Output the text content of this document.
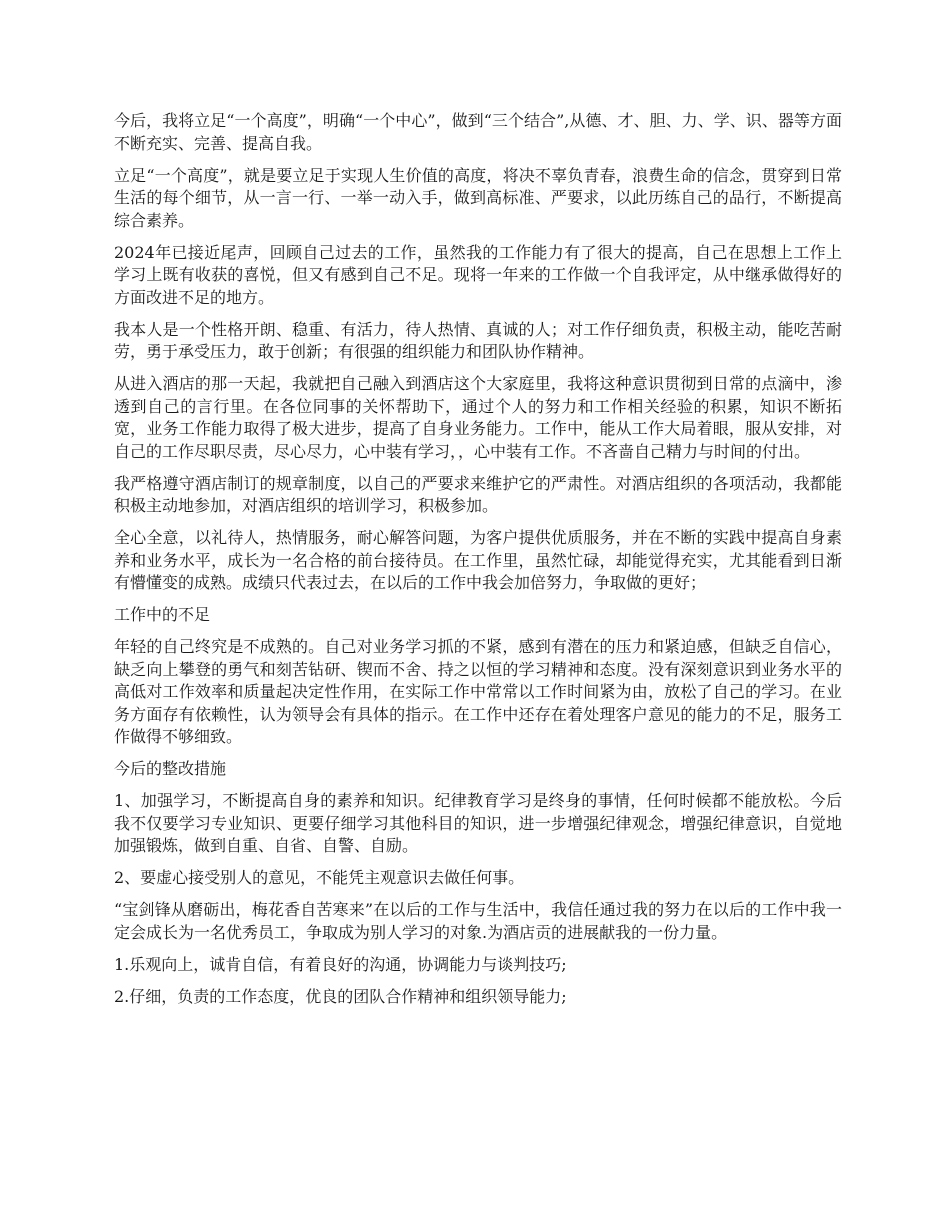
今后，我将立足“一个高度”，明确“一个中心”，做到“三个结合”,从德、才、胆、力、学、识、器等方面不断充实、完善、提高自我。

立足“一个高度”，就是要立足于实现人生价值的高度，将决不辜负青春，浪费生命的信念，贯穿到日常生活的每个细节，从一言一行、一举一动入手，做到高标准、严要求，以此历练自己的品行，不断提高综合素养。

2024年已接近尾声，回顾自己过去的工作，虽然我的工作能力有了很大的提高，自己在思想上工作上学习上既有收获的喜悦，但又有感到自己不足。现将一年来的工作做一个自我评定，从中继承做得好的方面改进不足的地方。

我本人是一个性格开朗、稳重、有活力，待人热情、真诚的人；对工作仔细负责，积极主动，能吃苦耐劳，勇于承受压力，敢于创新；有很强的组织能力和团队协作精神。

从进入酒店的那一天起，我就把自己融入到酒店这个大家庭里，我将这种意识贯彻到日常的点滴中，渗透到自己的言行里。在各位同事的关怀帮助下，通过个人的努力和工作相关经验的积累，知识不断拓宽，业务工作能力取得了极大进步，提高了自身业务能力。工作中，能从工作大局着眼，服从安排，对自己的工作尽职尽责，尽心尽力，心中装有学习，，心中装有工作。不吝啬自己精力与时间的付出。

我严格遵守酒店制订的规章制度，以自己的严要求来维护它的严肃性。对酒店组织的各项活动，我都能积极主动地参加，对酒店组织的培训学习，积极参加。

全心全意，以礼待人，热情服务，耐心解答问题，为客户提供优质服务，并在不断的实践中提高自身素养和业务水平，成长为一名合格的前台接待员。在工作里，虽然忙碌，却能觉得充实，尤其能看到日渐有懵懂变的成熟。成绩只代表过去，在以后的工作中我会加倍努力，争取做的更好；

工作中的不足

年轻的自己终究是不成熟的。自己对业务学习抓的不紧，感到有潜在的压力和紧迫感，但缺乏自信心，缺乏向上攀登的勇气和刻苦钻研、锲而不舍、持之以恒的学习精神和态度。没有深刻意识到业务水平的高低对工作效率和质量起决定性作用，在实际工作中常常以工作时间紧为由，放松了自己的学习。在业务方面存有依赖性，认为领导会有具体的指示。在工作中还存在着处理客户意见的能力的不足，服务工作做得不够细致。

今后的整改措施

1、加强学习，不断提高自身的素养和知识。纪律教育学习是终身的事情，任何时候都不能放松。今后我不仅要学习专业知识、更要仔细学习其他科目的知识，进一步增强纪律观念，增强纪律意识，自觉地加强锻炼，做到自重、自省、自警、自励。

2、要虚心接受别人的意见，不能凭主观意识去做任何事。

“宝剑锋从磨砺出，梅花香自苦寒来”在以后的工作与生活中，我信任通过我的努力在以后的工作中我一定会成长为一名优秀员工，争取成为别人学习的对象.为酒店贡的进展献我的一份力量。

1.乐观向上，诚肯自信，有着良好的沟通，协调能力与谈判技巧;

2.仔细，负责的工作态度，优良的团队合作精神和组织领导能力;
